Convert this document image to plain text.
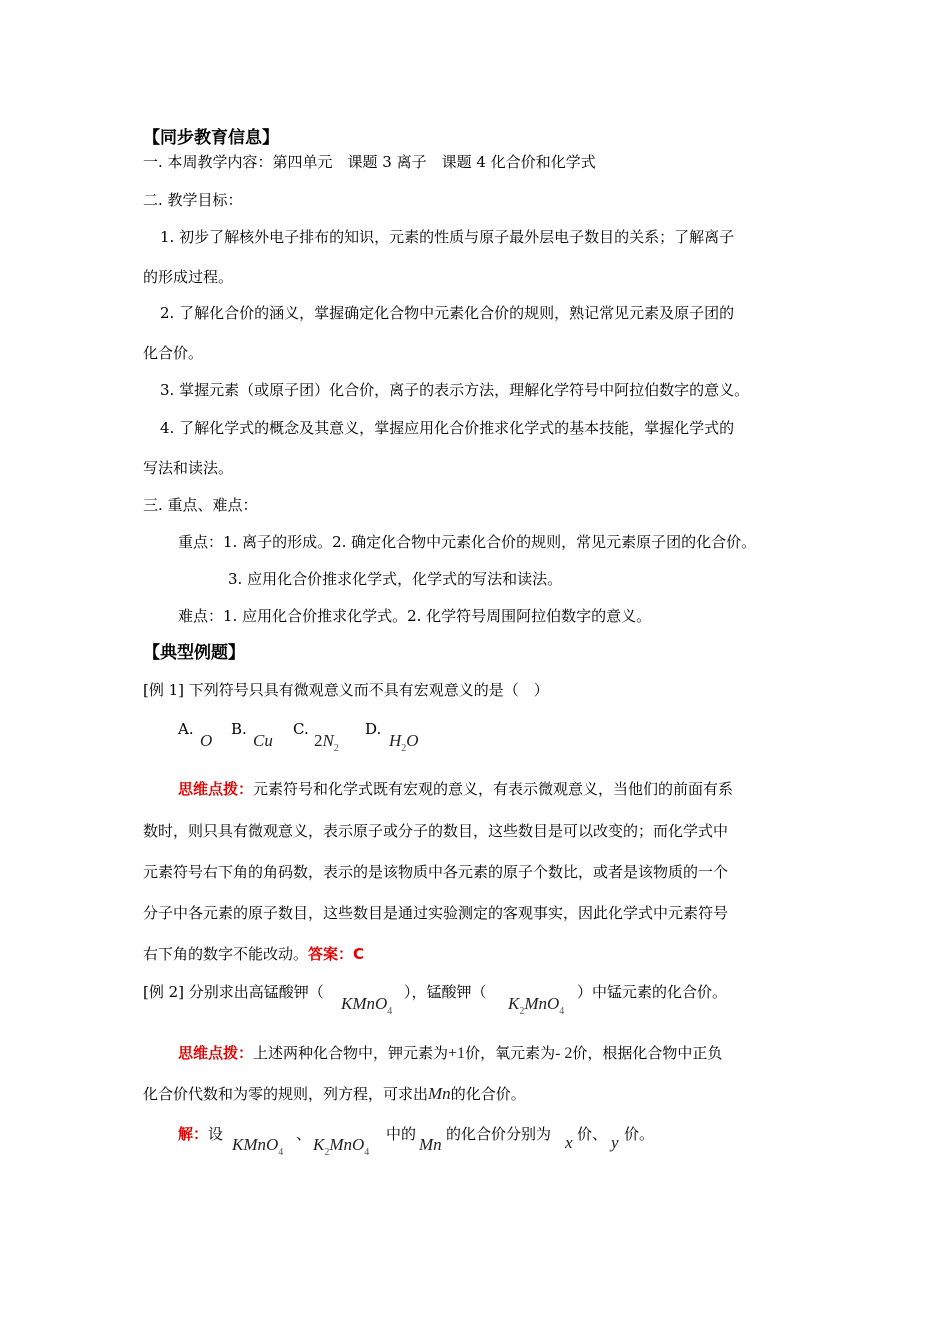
【同步教育信息】
一. 本周教学内容：第四单元　课题 3 离子　课题 4 化合价和化学式
二. 教学目标：
1. 初步了解核外电子排布的知识，元素的性质与原子最外层电子数目的关系；了解离子
的形成过程。
2. 了解化合价的涵义，掌握确定化合物中元素化合价的规则，熟记常见元素及原子团的
化合价。
3. 掌握元素（或原子团）化合价，离子的表示方法，理解化学符号中阿拉伯数字的意义。
4. 了解化学式的概念及其意义，掌握应用化合价推求化学式的基本技能，掌握化学式的
写法和读法。
三. 重点、难点：
重点：1. 离子的形成。2. 确定化合物中元素化合价的规则，常见元素原子团的化合价。
3. 应用化合价推求化学式，化学式的写法和读法。
难点：1. 应用化合价推求化学式。2. 化学符号周围阿拉伯数字的意义。
【典型例题】
[例 1] 下列符号只具有微观意义而不具有宏观意义的是（　）
A.
O
B.
Cu
C.
$2N_2$
D.
$H_2O$
思维点拨：元素符号和化学式既有宏观的意义，有表示微观意义，当他们的前面有系
数时，则只具有微观意义，表示原子或分子的数目，这些数目是可以改变的；而化学式中
元素符号右下角的角码数，表示的是该物质中各元素的原子个数比，或者是该物质的一个
分子中各元素的原子数目，这些数目是通过实验测定的客观事实，因此化学式中元素符号
右下角的数字不能改动。答案：C
[例 2] 分别求出高锰酸钾（
KMnO$_4$
），锰酸钾（
$K_2MnO_4$
）中锰元素的化合价。
思维点拨：上述两种化合物中，钾元素为+1价，氧元素为- 2价，根据化合物中正负
化合价代数和为零的规则，列方程，可求出Mn的化合价。
解：设
KMnO$_4$
、
$K_2MnO_4$
中的
Mn
的化合价分别为 x 价、 y 价。
